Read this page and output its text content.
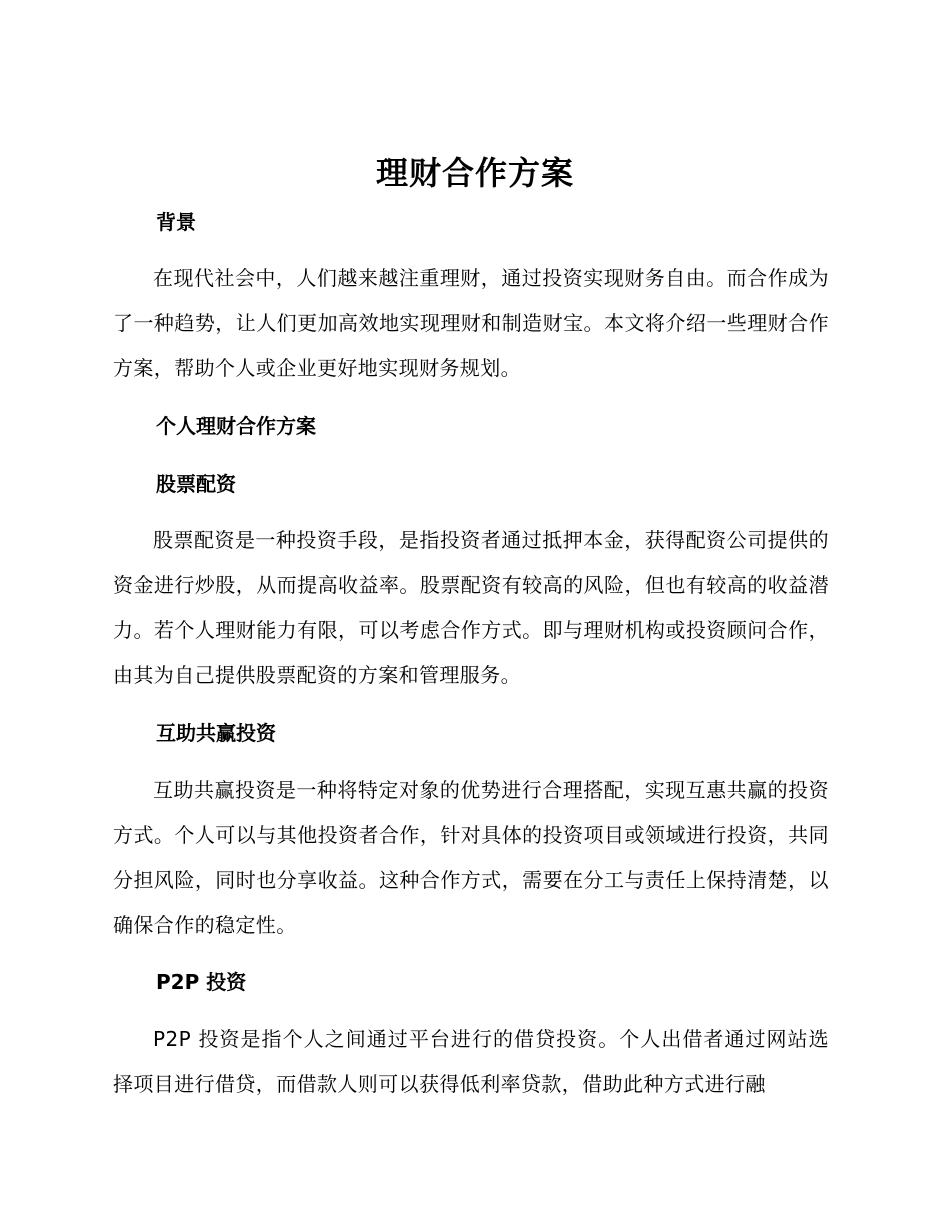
理财合作方案
背景

在现代社会中，人们越来越注重理财，通过投资实现财务自由。而合作成为了一种趋势，让人们更加高效地实现理财和制造财宝。本文将介绍一些理财合作方案，帮助个人或企业更好地实现财务规划。

个人理财合作方案
股票配资

股票配资是一种投资手段，是指投资者通过抵押本金，获得配资公司提供的资金进行炒股，从而提高收益率。股票配资有较高的风险，但也有较高的收益潜力。若个人理财能力有限，可以考虑合作方式。即与理财机构或投资顾问合作，由其为自己提供股票配资的方案和管理服务。

互助共赢投资

互助共赢投资是一种将特定对象的优势进行合理搭配，实现互惠共赢的投资方式。个人可以与其他投资者合作，针对具体的投资项目或领域进行投资，共同分担风险，同时也分享收益。这种合作方式，需要在分工与责任上保持清楚，以确保合作的稳定性。

P2P 投资

P2P 投资是指个人之间通过平台进行的借贷投资。个人出借者通过网站选择项目进行借贷，而借款人则可以获得低利率贷款，借助此种方式进行融
